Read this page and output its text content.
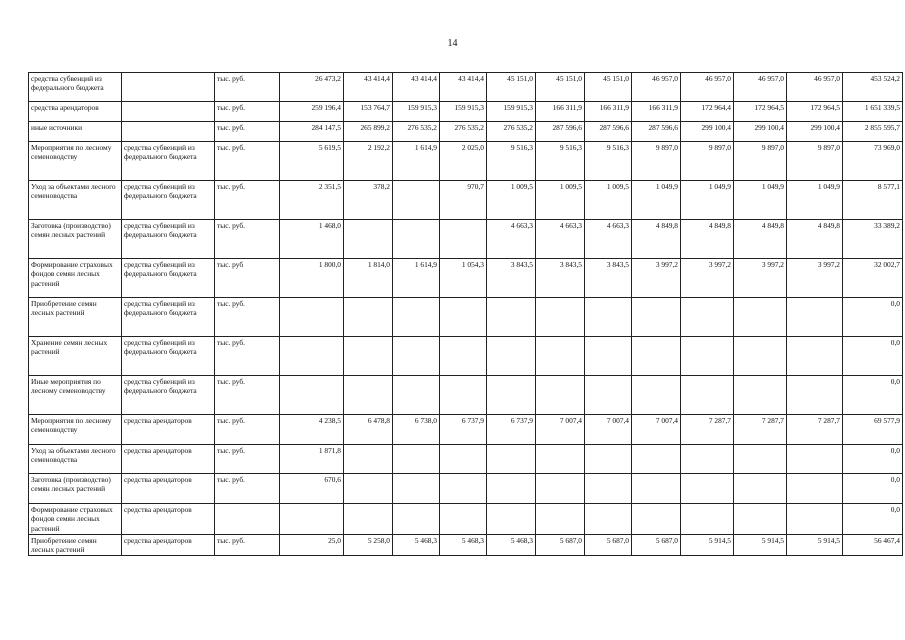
14
средства субвенций из федерального бюджета		тыс. руб.	26 473,2	43 414,4	43 414,4	43 414,4	45 151,0	45 151,0	45 151,0	46 957,0	46 957,0	46 957,0	46 957,0	453 524,2
средства арендаторов		тыс. руб.	259 196,4	153 764,7	159 915,3	159 915,3	159 915,3	166 311,9	166 311,9	166 311,9	172 964,4	172 964,5	172 964,5	1 651 339,5
иные источники		тыс. руб.	284 147,5	265 899,2	276 535,2	276 535,2	276 535,2	287 596,6	287 596,6	287 596,6	299 100,4	299 100,4	299 100,4	2 855 595,7
Мероприятия по лесному семеноводству	средства субвенций из федерального бюджета	тыс. руб.	5 619,5	2 192,2	1 614,9	2 025,0	9 516,3	9 516,3	9 516,3	9 897,0	9 897,0	9 897,0	9 897,0	73 969,0
Уход за объектами лесного семеноводства	средства субвенций из федерального бюджета	тыс. руб.	2 351,5	378,2		970,7	1 009,5	1 009,5	1 009,5	1 049,9	1 049,9	1 049,9	1 049,9	8 577,1
Заготовка (производство) семян лесных растений	средства субвенций из федерального бюджета	тыс. руб.	1 468,0				4 663,3	4 663,3	4 663,3	4 849,8	4 849,8	4 849,8	4 849,8	33 389,2
Формирование страховых фондов семян лесных растений	средства субвенций из федерального бюджета	тыс. руб	1 800,0	1 814,0	1 614,9	1 054,3	3 843,5	3 843,5	3 843,5	3 997,2	3 997,2	3 997,2	3 997,2	32 002,7
Приобретение семян лесных растений	средства субвенций из федерального бюджета	тыс. руб.												0,0
Хранение семян лесных растений	средства субвенций из федерального бюджета	тыс. руб.												0,0
Иные мероприятия по лесному семеноводству	средства субвенций из федерального бюджета	тыс. руб.												0,0
Мероприятия по лесному семеноводству	средства арендаторов	тыс. руб.	4 238,5	6 478,8	6 738,0	6 737,9	6 737,9	7 007,4	7 007,4	7 007,4	7 287,7	7 287,7	7 287,7	69 577,9
Уход за объектами лесного семеноводства	средства арендаторов	тыс. руб.	1 871,8											0,0
Заготовка (производство) семян лесных растений	средства арендаторов	тыс. руб.	670,6											0,0
Формирование страховых фондов семян лесных растений	средства арендаторов													0,0
Приобретение семян лесных растений	средства арендаторов	тыс. руб.	25,0	5 258,0	5 468,3	5 468,3	5 468,3	5 687,0	5 687,0	5 687,0	5 914,5	5 914,5	5 914,5	56 467,4
